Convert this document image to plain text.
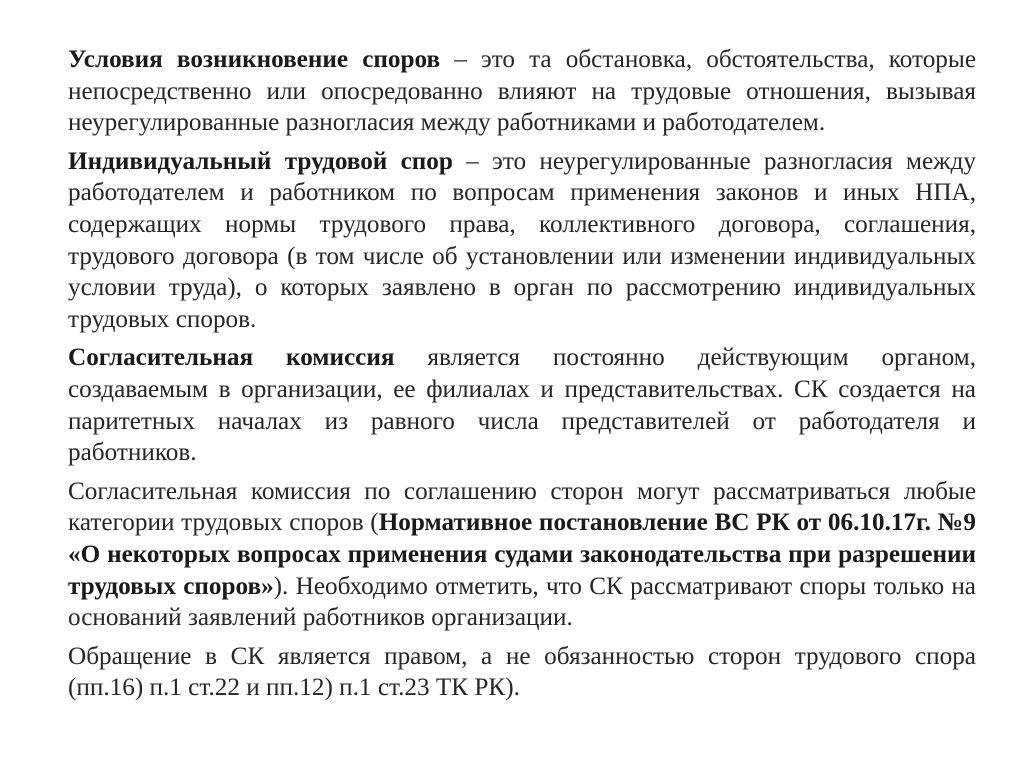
Условия возникновение споров – это та обстановка, обстоятельства, которые непосредственно или опосредованно влияют на трудовые отношения, вызывая неурегулированные разногласия между работниками и работодателем.

Индивидуальный трудовой спор – это неурегулированные разногласия между работодателем и работником по вопросам применения законов и иных НПА, содержащих нормы трудового права, коллективного договора, соглашения, трудового договора (в том числе об установлении или изменении индивидуальных условии труда), о которых заявлено в орган по рассмотрению индивидуальных трудовых споров.

Согласительная комиссия является постоянно действующим органом, создаваемым в организации, ее филиалах и представительствах. СК создается на паритетных началах из равного числа представителей от работодателя и работников.

Согласительная комиссия по соглашению сторон могут рассматриваться любые категории трудовых споров (Нормативное постановление ВС РК от 06.10.17г. №9 «О некоторых вопросах применения судами законодательства при разрешении трудовых споров»). Необходимо отметить, что СК рассматривают споры только на оснований заявлений работников организации.

Обращение в СК является правом, а не обязанностью сторон трудового спора (пп.16) п.1 ст.22 и пп.12) п.1 ст.23 ТК РК).
